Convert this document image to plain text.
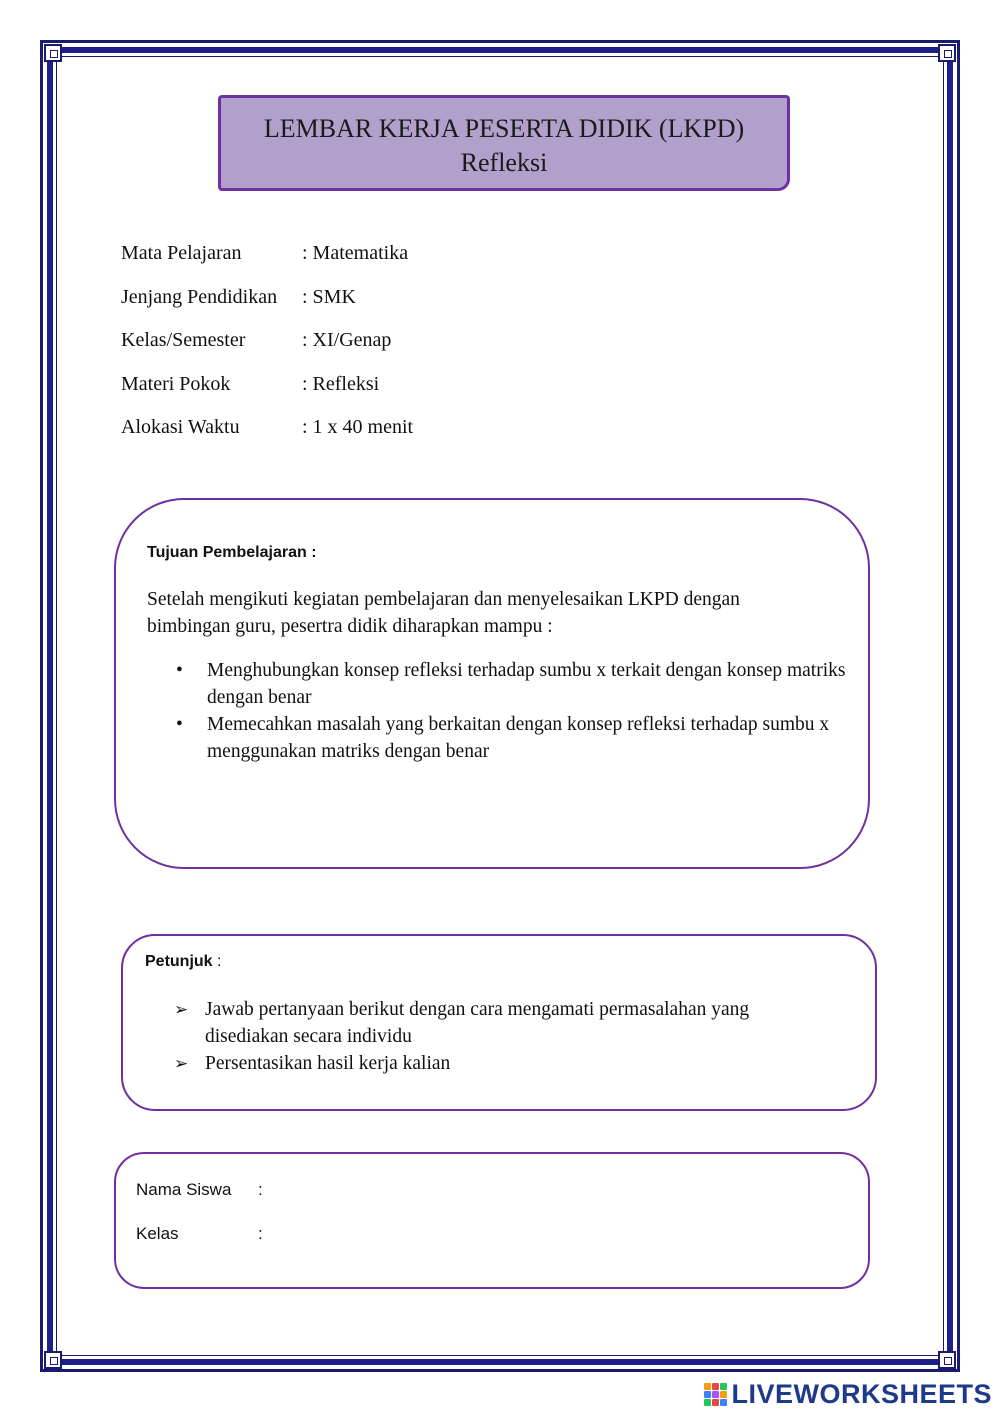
LEMBAR KERJA PESERTA DIDIK (LKPD)
Refleksi
Mata Pelajaran	: Matematika
Jenjang Pendidikan	: SMK
Kelas/Semester	: XI/Genap
Materi Pokok	: Refleksi
Alokasi Waktu	: 1 x 40 menit
Tujuan Pembelajaran :
Setelah mengikuti kegiatan pembelajaran dan menyelesaikan LKPD dengan bimbingan guru, pesertra didik diharapkan mampu :
• Menghubungkan konsep refleksi terhadap sumbu x terkait dengan konsep matriks dengan benar
• Memecahkan masalah yang berkaitan dengan konsep refleksi terhadap sumbu x menggunakan matriks dengan benar
Petunjuk :
➢ Jawab pertanyaan berikut dengan cara mengamati permasalahan yang disediakan secara individu
➢ Persentasikan hasil kerja kalian
Nama Siswa	:
Kelas	:
LIVEWORKSHEETS
